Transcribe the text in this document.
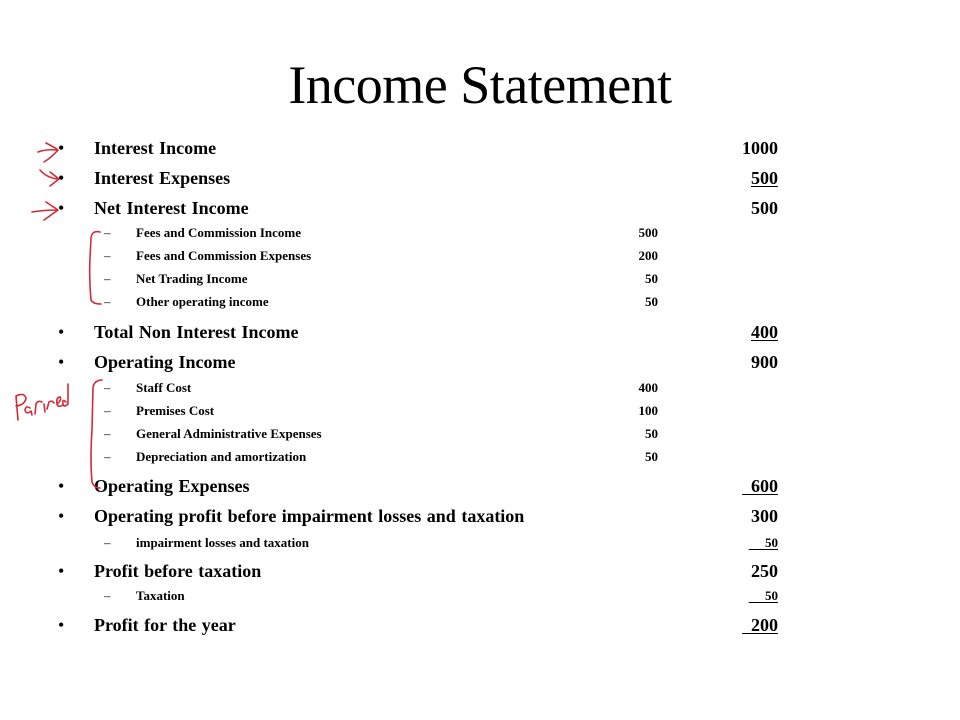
Income Statement
• Interest Income	1000
• Interest Expenses	500
• Net Interest Income	500
– Fees and Commission Income	500
– Fees and Commission Expenses	200
– Net Trading Income	50
– Other operating income	50
• Total Non Interest Income	400
• Operating Income	900
– Staff Cost	400
– Premises Cost	100
– General Administrative Expenses	50
– Depreciation and amortization	50
• Operating Expenses	600
• Operating profit before impairment losses and taxation	300
– impairment losses and taxation	50
• Profit before taxation	250
– Taxation	50
• Profit for the year	200
